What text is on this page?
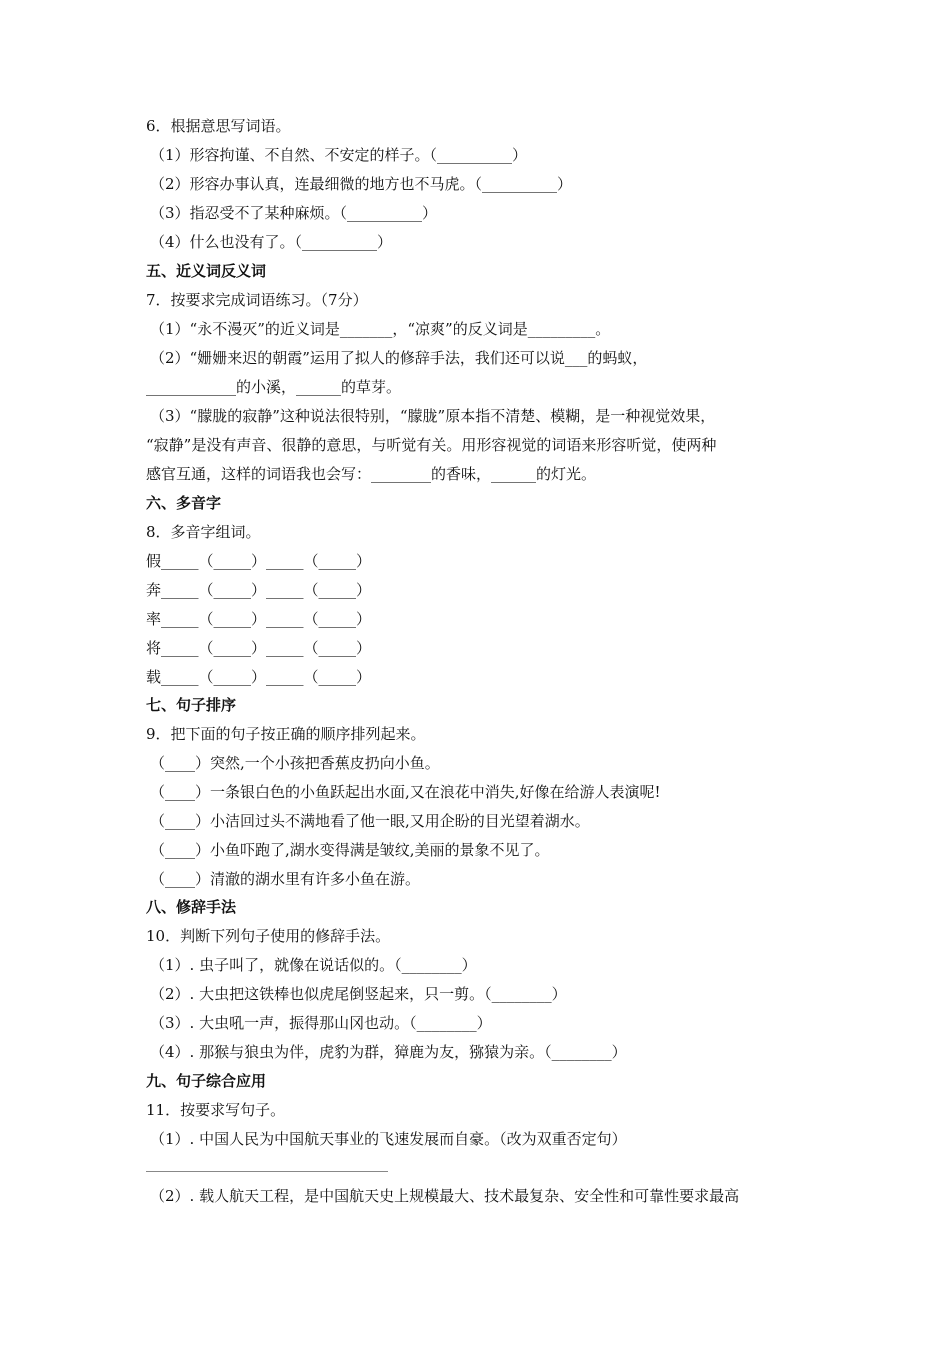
6．根据意思写词语。
（1）形容拘谨、不自然、不安定的样子。（__________）
（2）形容办事认真，连最细微的地方也不马虎。（__________）
（3）指忍受不了某种麻烦。（__________）
（4）什么也没有了。（__________）
五、近义词反义词
7．按要求完成词语练习。（7分）
（1）“永不漫灭”的近义词是_______，“凉爽”的反义词是_________。
（2）“姗姗来迟的朝霞”运用了拟人的修辞手法，我们还可以说___的蚂蚁，
____________的小溪，______的草芽。
（3）“朦胧的寂静”这种说法很特别，“朦胧”原本指不清楚、模糊，是一种视觉效果，
“寂静”是没有声音、很静的意思，与听觉有关。用形容视觉的词语来形容听觉，使两种
感官互通，这样的词语我也会写：________的香味，______的灯光。
六、多音字
8．多音字组词。
假_____（_____）_____（_____）
奔_____（_____）_____（_____）
率_____（_____）_____（_____）
将_____（_____）_____（_____）
载_____（_____）_____（_____）
七、句子排序
9．把下面的句子按正确的顺序排列起来。
（____）突然,一个小孩把香蕉皮扔向小鱼。
（____）一条银白色的小鱼跃起出水面,又在浪花中消失,好像在给游人表演呢!
（____）小洁回过头不满地看了他一眼,又用企盼的目光望着湖水。
（____）小鱼吓跑了,湖水变得满是皱纹,美丽的景象不见了。
（____）清澈的湖水里有许多小鱼在游。
八、修辞手法
10．判断下列句子使用的修辞手法。
（1）. 虫子叫了，就像在说话似的。（________）
（2）. 大虫把这铁棒也似虎尾倒竖起来，只一剪。（________）
（3）. 大虫吼一声，振得那山冈也动。（________）
（4）. 那猴与狼虫为伴，虎豹为群，獐鹿为友，猕猿为亲。（________）
九、句子综合应用
11．按要求写句子。
（1）. 中国人民为中国航天事业的飞速发展而自豪。（改为双重否定句）
（2）. 载人航天工程，是中国航天史上规模最大、技术最复杂、安全性和可靠性要求最高
